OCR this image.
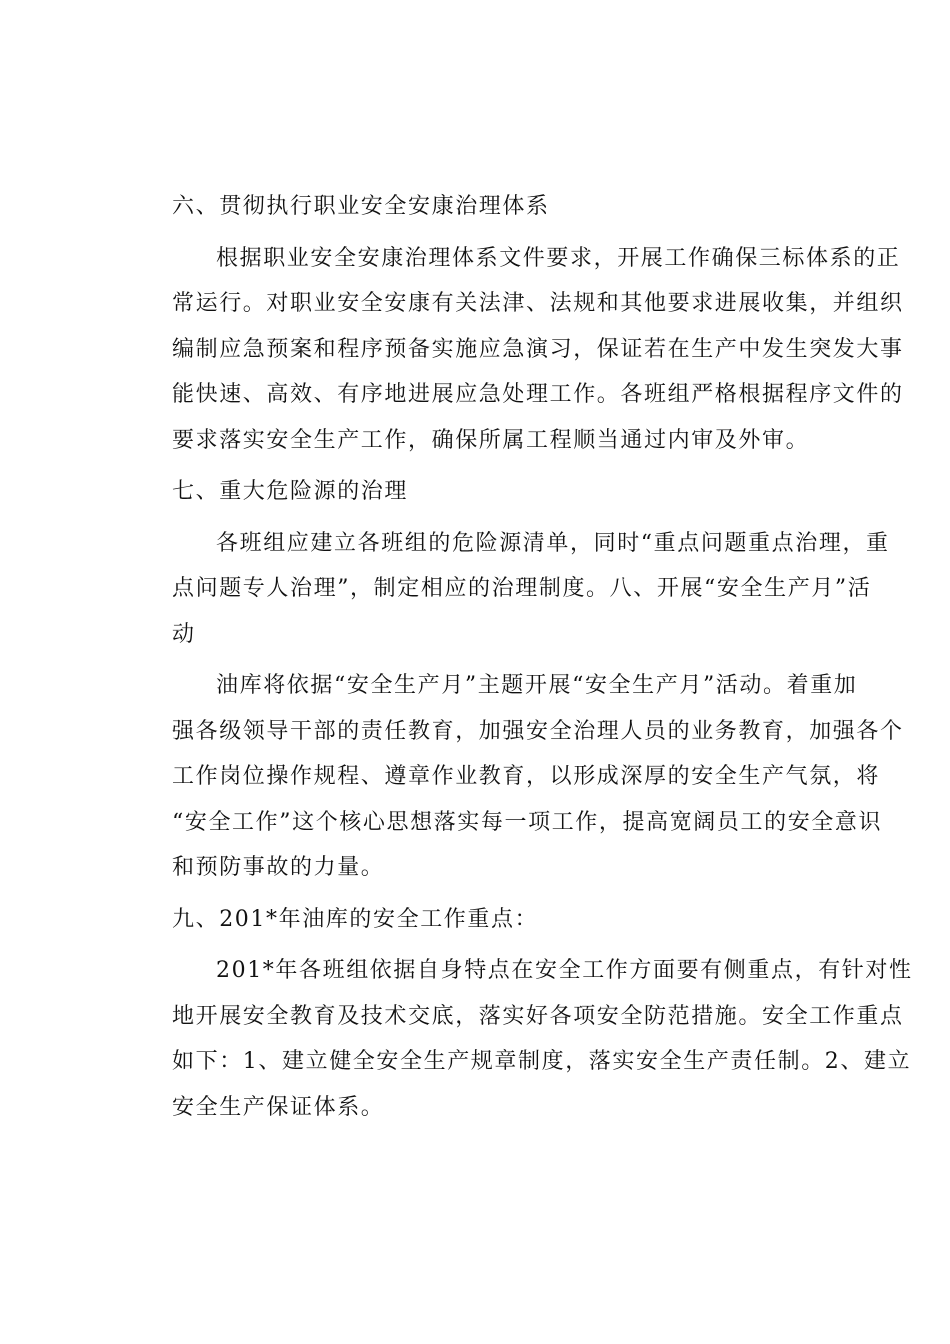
六、贯彻执行职业安全安康治理体系

根据职业安全安康治理体系文件要求，开展工作确保三标体系的正
常运行。对职业安全安康有关法津、法规和其他要求进展收集，并组织
编制应急预案和程序预备实施应急演习，保证若在生产中发生突发大事
能快速、高效、有序地进展应急处理工作。各班组严格根据程序文件的
要求落实安全生产工作，确保所属工程顺当通过内审及外审。

七、重大危险源的治理

各班组应建立各班组的危险源清单，同时“重点问题重点治理，重
点问题专人治理”，制定相应的治理制度。八、开展“安全生产月”活
动
油库将依据“安全生产月”主题开展“安全生产月”活动。着重加
强各级领导干部的责任教育，加强安全治理人员的业务教育，加强各个
工作岗位操作规程、遵章作业教育，以形成深厚的安全生产气氛，将
“安全工作”这个核心思想落实每一项工作，提高宽阔员工的安全意识
和预防事故的力量。

九、201*年油库的安全工作重点：

201*年各班组依据自身特点在安全工作方面要有侧重点，有针对性
地开展安全教育及技术交底，落实好各项安全防范措施。安全工作重点
如下：1、建立健全安全生产规章制度，落实安全生产责任制。2、建立
安全生产保证体系。
